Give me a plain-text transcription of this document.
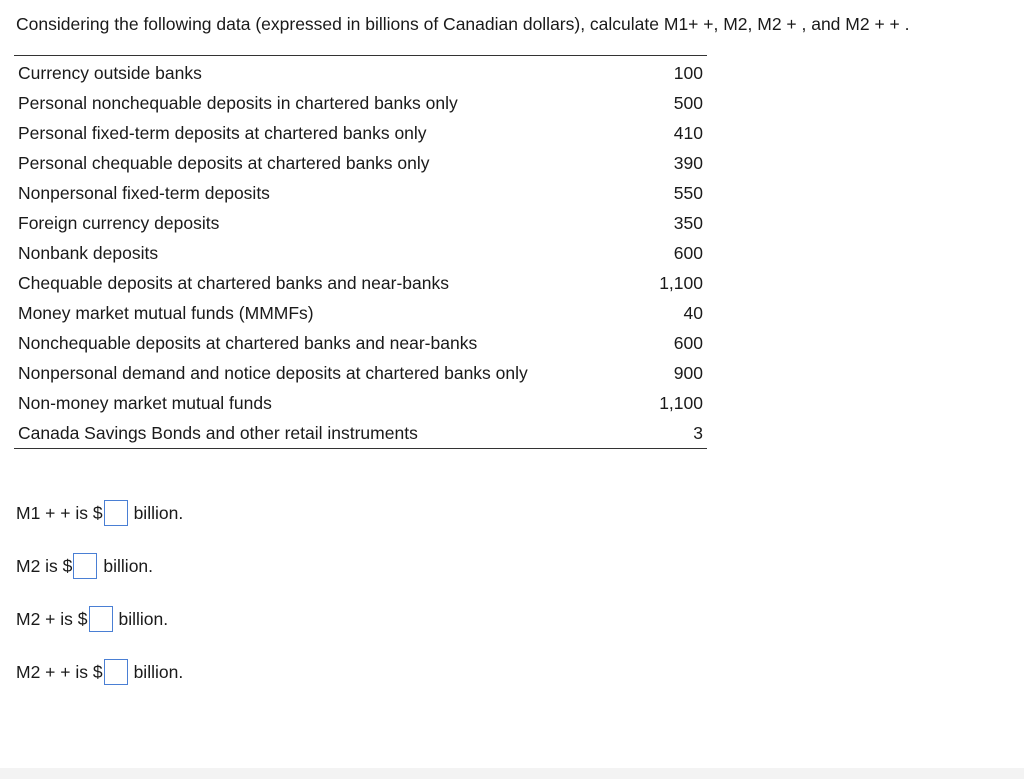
Considering the following data (expressed in billions of Canadian dollars), calculate M1+ +, M2, M2 + , and M2 + + .
Currency outside banks	100
Personal nonchequable deposits in chartered banks only	500
Personal fixed-term deposits at chartered banks only	410
Personal chequable deposits at chartered banks only	390
Nonpersonal fixed-term deposits	550
Foreign currency deposits	350
Nonbank deposits	600
Chequable deposits at chartered banks and near-banks	1,100
Money market mutual funds (MMMFs)	40
Nonchequable deposits at chartered banks and near-banks	600
Nonpersonal demand and notice deposits at chartered banks only	900
Non-money market mutual funds	1,100
Canada Savings Bonds and other retail instruments	3
M1 + + is $ billion.
M2 is $ billion.
M2 + is $ billion.
M2 + + is $ billion.
